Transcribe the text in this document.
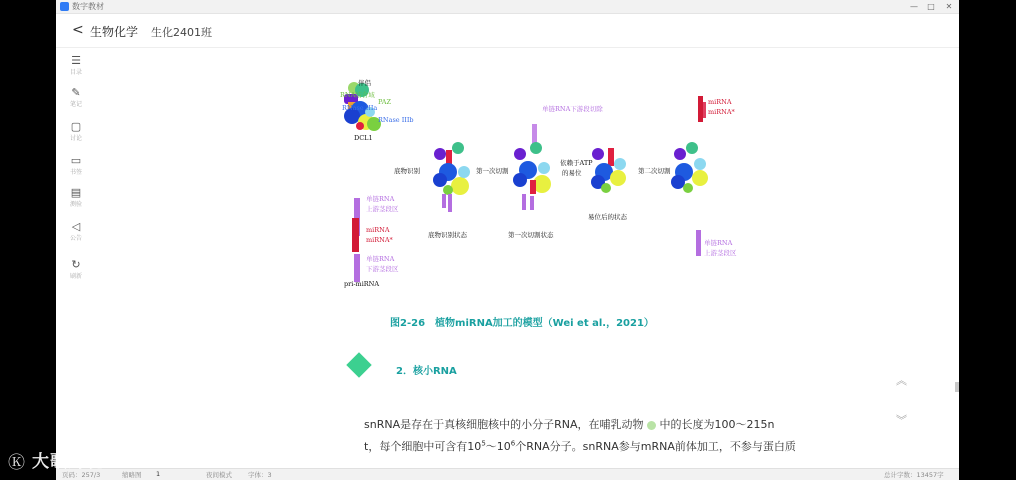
数字教材	—	□	✕
< 生物化学 生化2401班
☰
目录
✎
笔记
▢
讨论
▭
书签
▤
测验
◁
公告
↻
刷新
伴侣
RNA结合域
RNase IIIa
RNase IIIb
PAZ
DCL1
底物识别	第一次切割
依赖于ATP
的易位	第二次切割
单链RNA下游段切除
miRNA
miRNA*
单链RNA
上游茎段区
miRNA
miRNA*
单链RNA
下游茎段区
pri-miRNA
底物识别状态	第一次切割状态
易位后的状态
单链RNA
上游茎段区
图2-26　植物miRNA加工的模型（Wei et al.，2021）
2．核小RNA
snRNA是存在于真核细胞核中的小分子RNA，在哺乳动物 中的长度为100～215n
t，每个细胞中可含有$10^5\sim 10^6$个RNA分子。snRNA参与mRNA前体加工，不参与蛋白质
︽
︾
页码：257/3	缩略图 1	夜间模式 字体：3	总计字数：13457字
Ⓚ 大歌跨境
